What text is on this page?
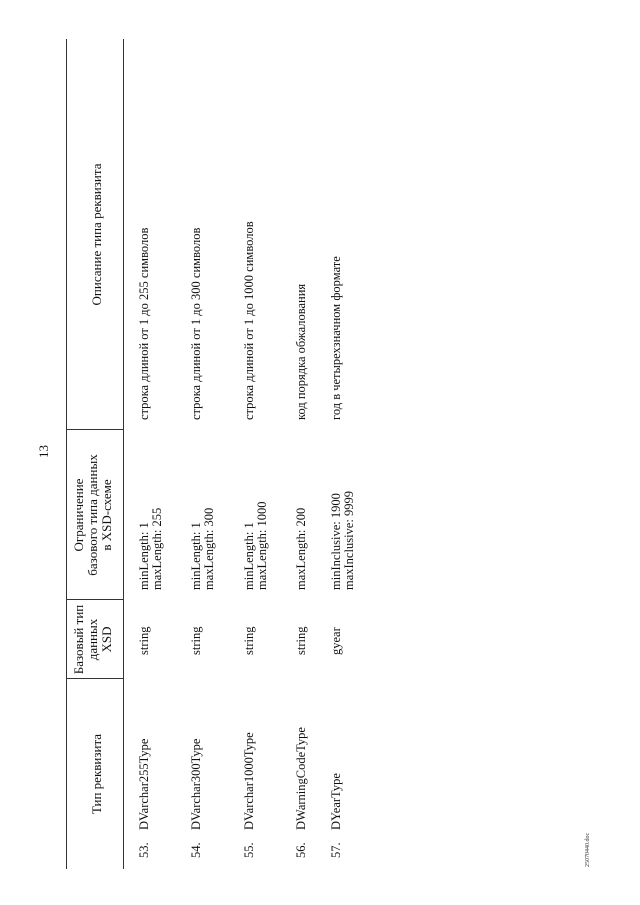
13
Тип реквизита
Базовый тип данных XSD
Ограничение базового типа данных в XSD-схеме
Описание типа реквизита
53.
DVarchar255Type
string
minLength: 1 maxLength: 255
строка длиной от 1 до 255 символов
54.
DVarchar300Type
string
minLength: 1 maxLength: 300
строка длиной от 1 до 300 символов
55.
DVarchar1000Type
string
minLength: 1 maxLength: 1000
строка длиной от 1 до 1000 символов
56.
DWarningCodeType
string
maxLength: 200
код порядка обжалования
57.
DYearType
gyear
minInclusive: 1900 maxInclusive: 9999
год в четырехзначном формате
25070440.doc
